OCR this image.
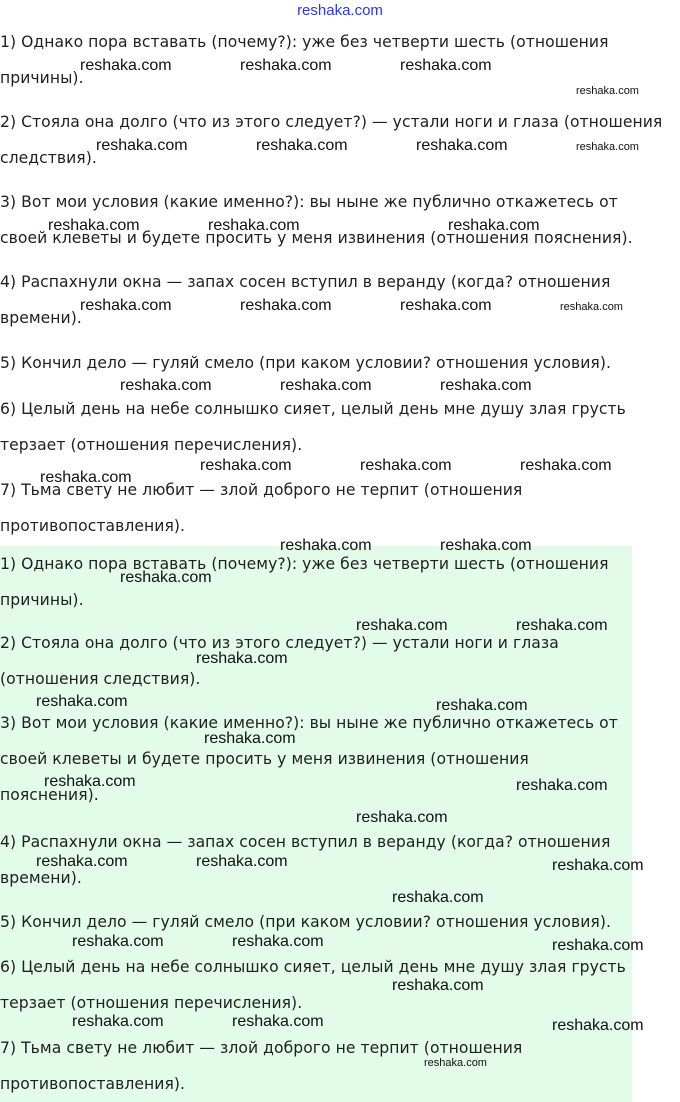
reshaka.com

1) Однако пора вставать (почему?): уже без четверти шесть (отношения причины).

2) Стояла она долго (что из этого следует?) — устали ноги и глаза (отношения следствия).

3) Вот мои условия (какие именно?): вы ныне же публично откажетесь от своей клеветы и будете просить у меня извинения (отношения пояснения).

4) Распахнули окна — запах сосен вступил в веранду (когда? отношения времени).

5) Кончил дело — гуляй смело (при каком условии? отношения условия).

6) Целый день на небе солнышко сияет, целый день мне душу злая грусть терзает (отношения перечисления).

7) Тьма свету не любит — злой доброго не терпит (отношения противопоставления).

1) Однако пора вставать (почему?): уже без четверти шесть (отношения причины).

2) Стояла она долго (что из этого следует?) — устали ноги и глаза (отношения следствия).

3) Вот мои условия (какие именно?): вы ныне же публично откажетесь от своей клеветы и будете просить у меня извинения (отношения пояснения).

4) Распахнули окна — запах сосен вступил в веранду (когда? отношения времени).

5) Кончил дело — гуляй смело (при каком условии? отношения условия).

6) Целый день на небе солнышко сияет, целый день мне душу злая грусть терзает (отношения перечисления).

7) Тьма свету не любит — злой доброго не терпит (отношения противопоставления).

reshaka.com	reshaka.com	reshaka.com
reshaka.com
reshaka.com	reshaka.com	reshaka.com	reshaka.com
reshaka.com	reshaka.com	reshaka.com
reshaka.com	reshaka.com	reshaka.com	reshaka.com
reshaka.com	reshaka.com	reshaka.com
reshaka.com	reshaka.com	reshaka.com
reshaka.com
reshaka.com	reshaka.com
reshaka.com
reshaka.com	reshaka.com
reshaka.com
reshaka.com	reshaka.com
reshaka.com
reshaka.com	reshaka.com
reshaka.com
reshaka.com	reshaka.com	reshaka.com
reshaka.com
reshaka.com	reshaka.com	reshaka.com
reshaka.com
reshaka.com	reshaka.com	reshaka.com
reshaka.com
